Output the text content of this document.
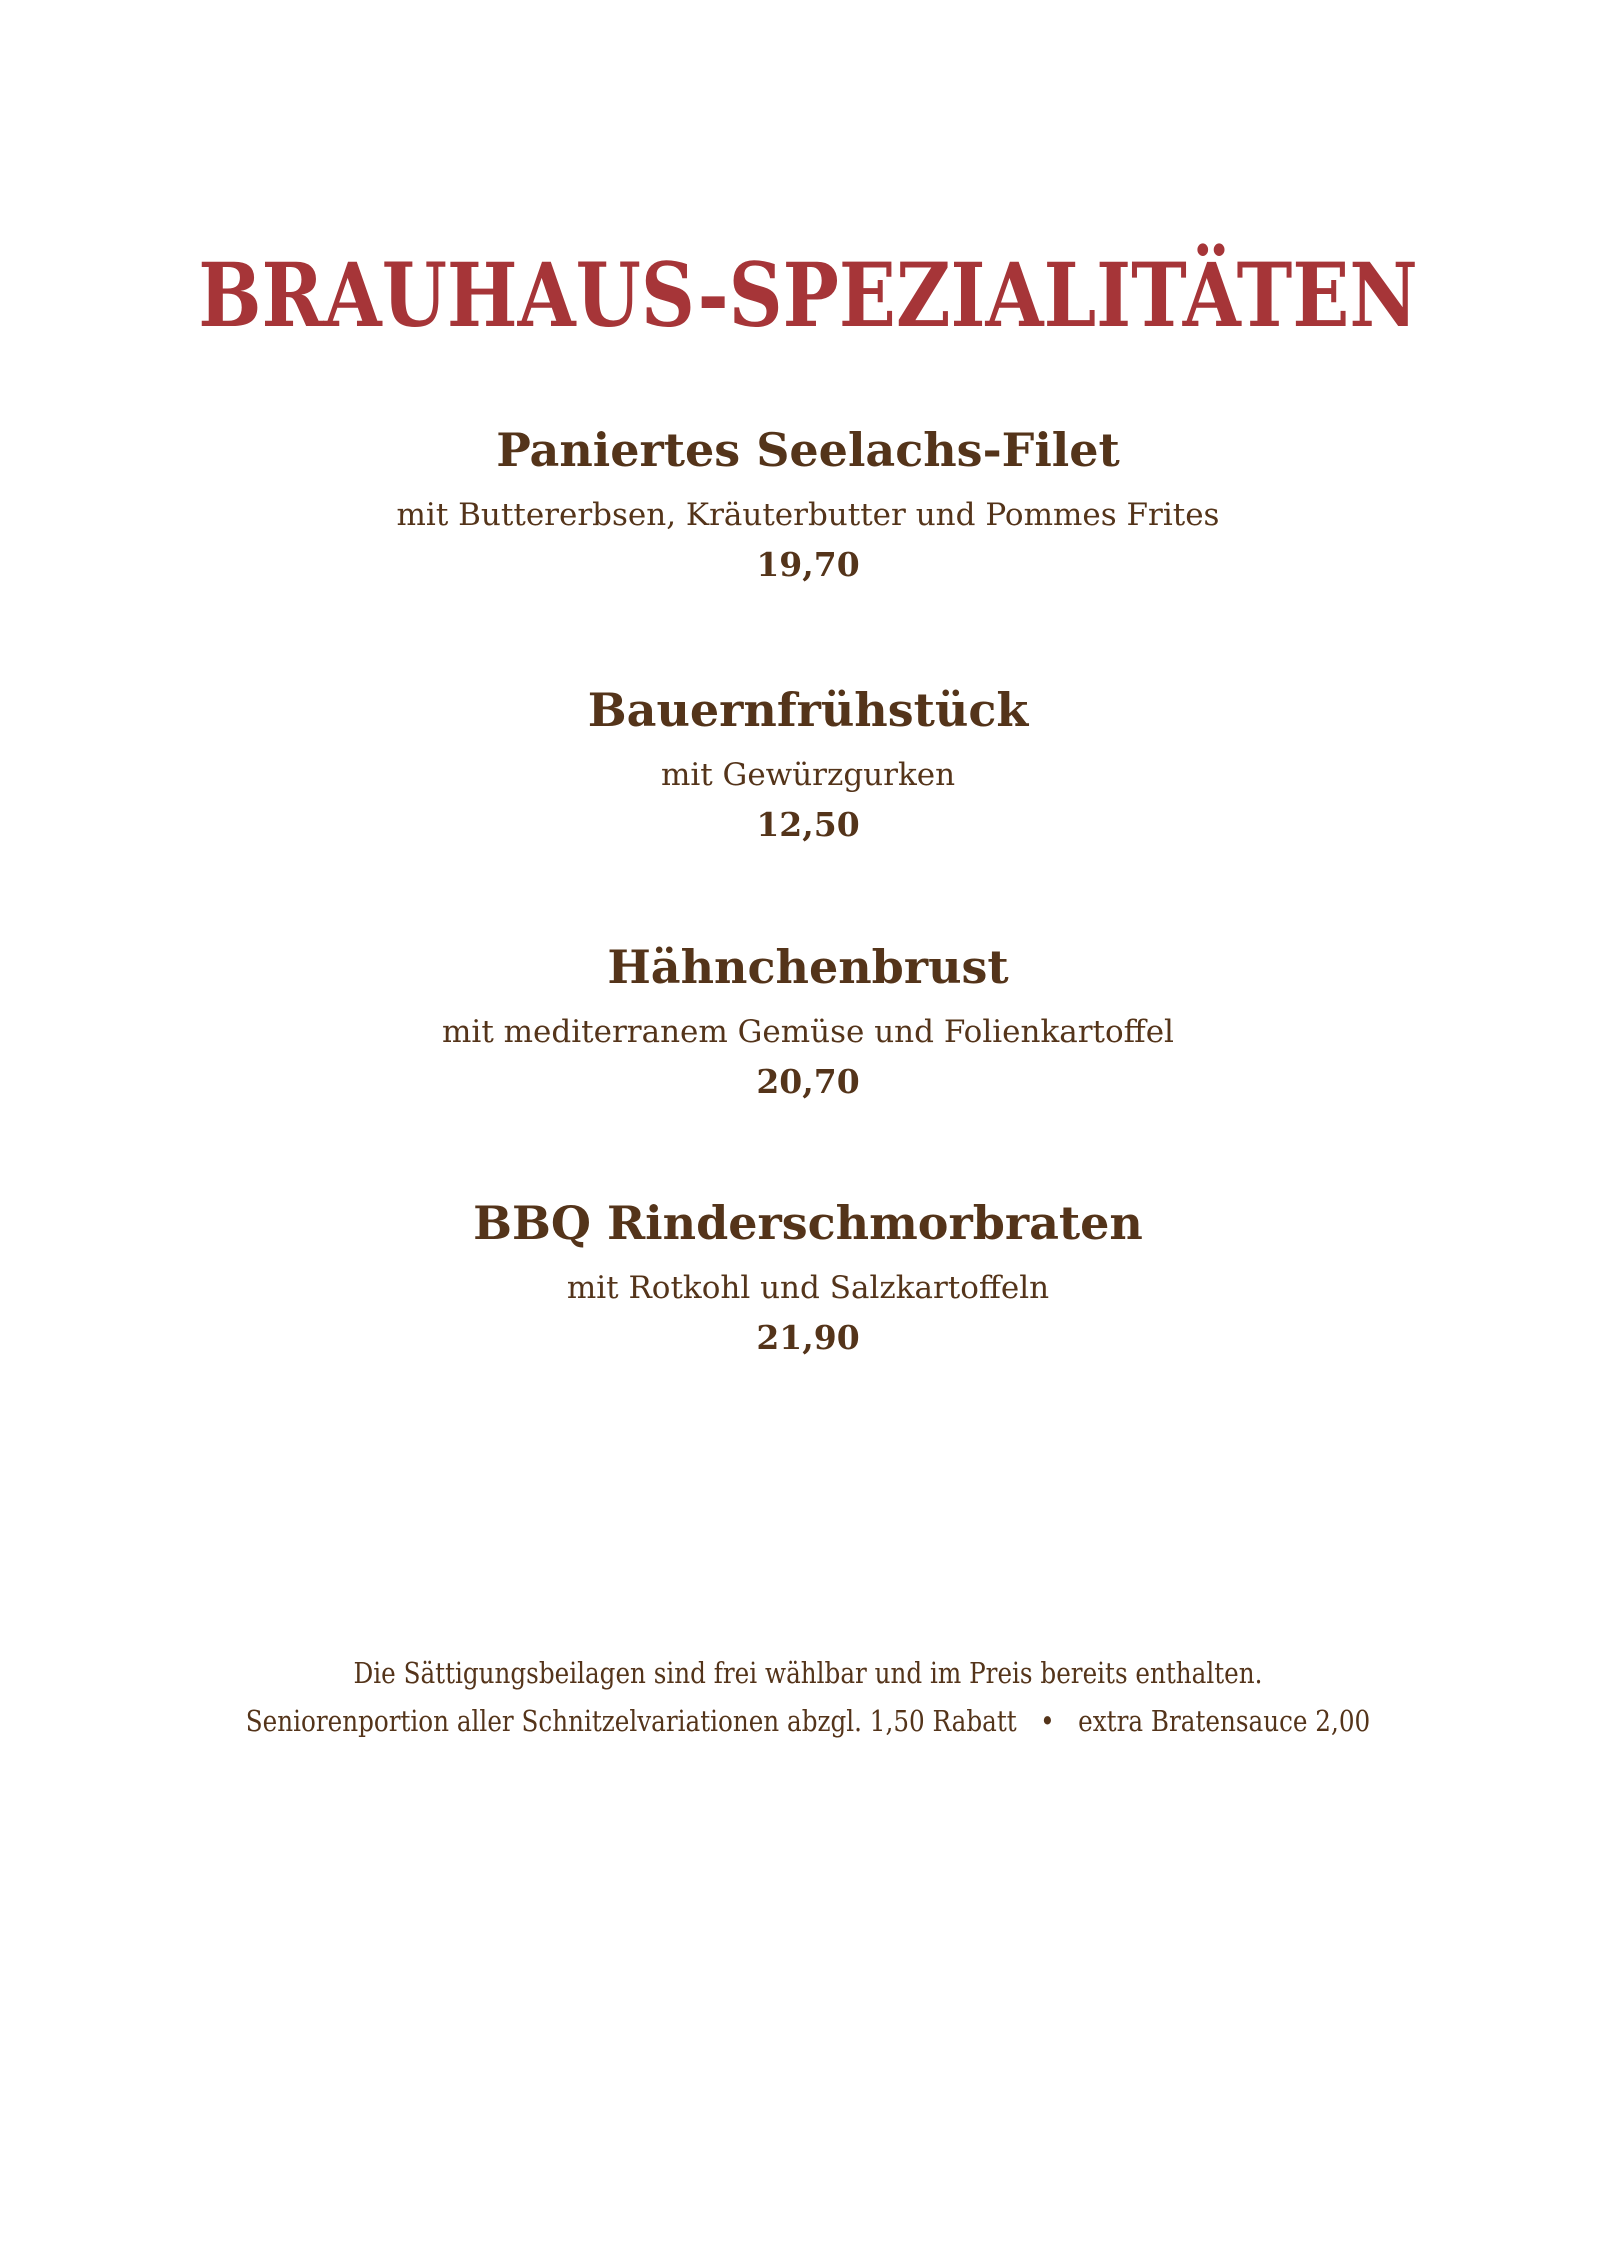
BRAUHAUS-SPEZIALITÄTEN
Paniertes Seelachs-Filet

mit Buttererbsen, Kräuterbutter und Pommes Frites

19,70

Bauernfrühstück

mit Gewürzgurken

12,50

Hähnchenbrust

mit mediterranem Gemüse und Folienkartoffel

20,70

BBQ Rinderschmorbraten

mit Rotkohl und Salzkartoffeln

21,90

Die Sättigungsbeilagen sind frei wählbar und im Preis bereits enthalten.

Seniorenportion aller Schnitzelvariationen abzgl. 1,50 Rabatt   •   extra Bratensauce 2,00
